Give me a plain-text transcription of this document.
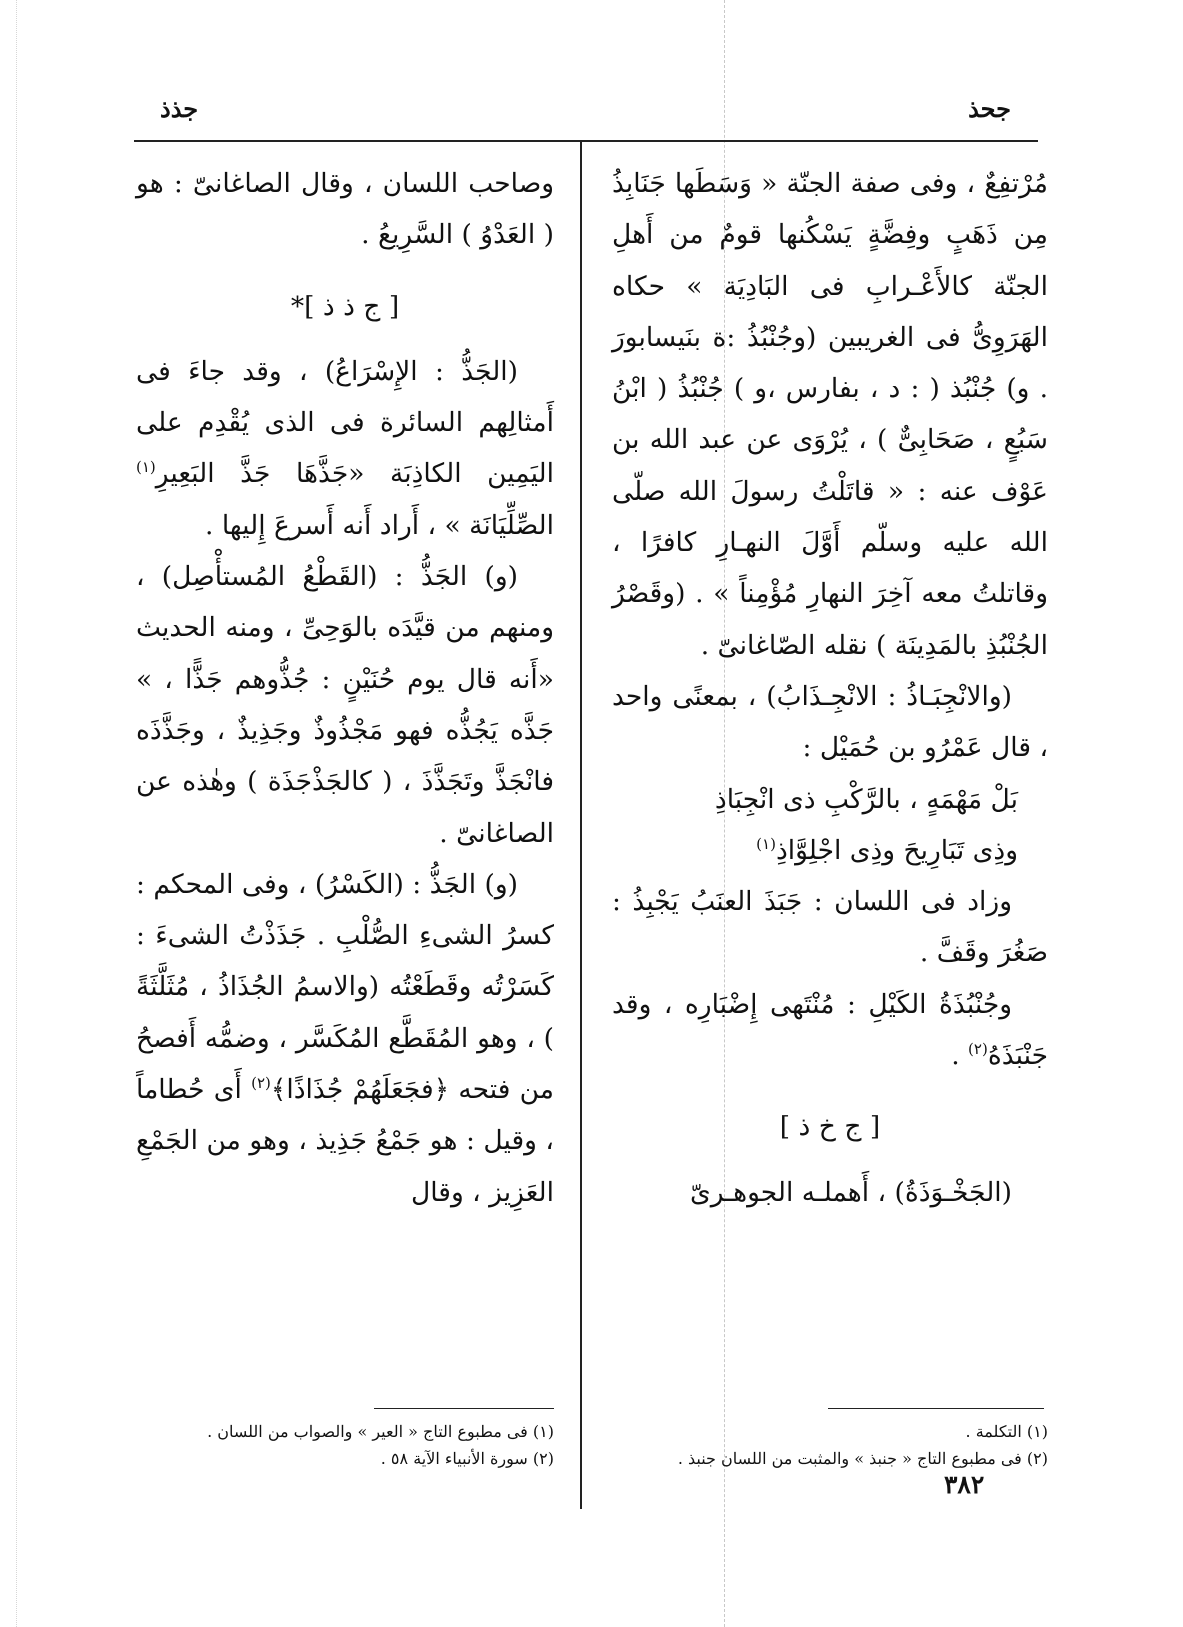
جحذ
جذذ

مُرْتفِعٌ ، وفى صفة الجنّة « وَسَطَها جَنَابِذُ مِن ذَهَبٍ وفِضَّةٍ يَسْكُنها قومٌ من أَهلِ الجنّة كالأَعْـرابِ فى البَادِيَة » حكاه الهَرَوِىُّ فى الغريبين (وجُنْبُذُ :ة بنَيسابورَ . و) جُنْبُذ ( : د ، بفارس ،و ) جُنْبُذُ ( ابْنُ سَبُعٍ ، صَحَابِىٌّ ) ، يُرْوَى عن عبد الله بن عَوْف عنه : « قاتَلْتُ رسولَ الله صلّى الله عليه وسلّم أَوَّلَ النهـارِ كافرًا ، وقاتلتُ معه آخِرَ النهارِ مُؤْمِناً » . (وقَصْرُ الجُنْبُذِ بالمَدِينَة ) نقله الصّاغانىّ .

(والانْجِبَـاذُ : الانْجِـذَابُ) ، بمعنًى واحد ، قال عَمْرُو بن حُمَيْل :

بَلْ مَهْمَهٍ ، بالرَّكْبِ ذى انْجِبَاذِ

وذِى تَبَارِيحَ وذِى اجْلِوَّاذِ$^{(١)}$

وزاد فى اللسان : جَبَذَ العنَبُ يَجْبِذُ : صَغُرَ وقَفَّ .

وجُنْبُذَةُ الكَيْلِ : مُنْتَهى إِضْبَارِه ، وقد جَنْبَذَهُ$^{(٢)}$ .

[ ج خ ذ ]

(الجَخْـوَذَةُ) ، أَهملـه الجوهـرىّ

وصاحب اللسان ، وقال الصاغانىّ : هو ( العَدْوُ ) السَّرِيعُ .

[ ج ذ ذ ]*

(الجَذُّ : الإِسْرَاعُ) ، وقد جاءَ فى أَمثالِهم السائرة فى الذى يُقْدِم على اليَمِين الكاذِبَة «جَذَّهَا جَذَّ البَعِيرِ$^{(١)}$ الصِّلِّيَانَة » ، أَراد أَنه أَسرعَ إِليها .

(و) الجَذُّ : (القَطْعُ المُستأْصِل) ، ومنهم من قيَّدَه بالوَحِىِّ ، ومنه الحديث «أَنه قال يوم حُنَيْنٍ : جُذُّوهم جَذًّا ، » جَذَّه يَجُذُّه فهو مَجْذُوذٌ وجَذِيذٌ ، وجَذَّذَه فانْجَذَّ وتَجَذَّذَ ، ( كالجَذْجَذَة ) وهٰذه عن الصاغانىّ .

(و) الجَذُّ : (الكَسْرُ) ، وفى المحكم : كسرُ الشىءِ الصُّلْبِ . جَذَذْتُ الشىءَ : كَسَرْتُه وقَطَعْتُه (والاسمُ الجُذَاذُ ، مُثَلَّثَةً ) ، وهو المُقَطَّع المُكَسَّر ، وضمُّه أَفصحُ من فتحه ﴿فجَعَلَهُمْ جُذَاذًا﴾$^{(٢)}$ أَى حُطاماً ، وقيل : هو جَمْعُ جَذِيذ ، وهو من الجَمْعِ العَزِيز ، وقال

(١) التكلمة .
(٢) فى مطبوع التاج « جنبذ » والمثبت من اللسان جنبذ .
(١) فى مطبوع التاج « العير » والصواب من اللسان .
(٢) سورة الأنبياء الآية ٥٨ .
٣٨٢
